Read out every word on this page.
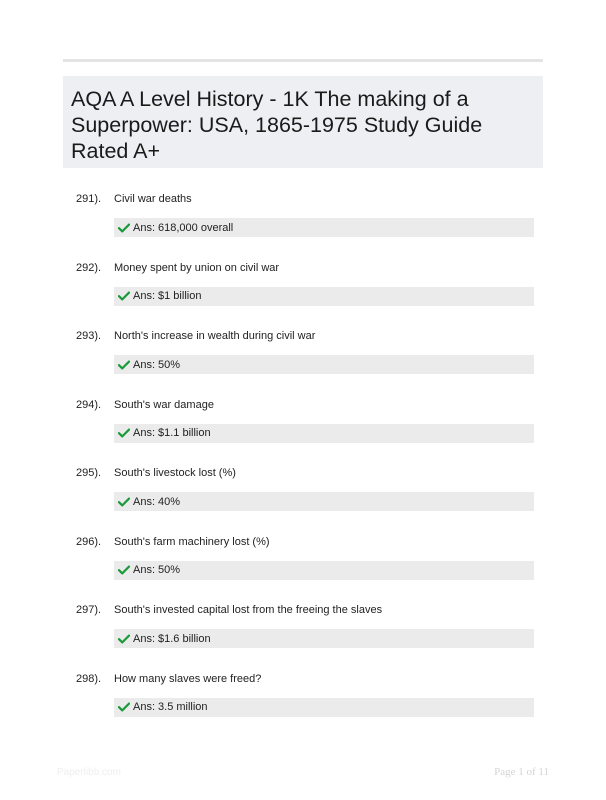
AQA A Level History - 1K The making of a Superpower: USA, 1865-1975 Study Guide Rated A+
291). Civil war deaths
Ans: 618,000 overall
292). Money spent by union on civil war
Ans: $1 billion
293). North's increase in wealth during civil war
Ans: 50%
294). South's war damage
Ans: $1.1 billion
295). South's livestock lost (%)
Ans: 40%
296). South's farm machinery lost (%)
Ans: 50%
297). South's invested capital lost from the freeing the slaves
Ans: $1.6 billion
298). How many slaves were freed?
Ans: 3.5 million
Paperlibb.com	Page 1 of 11
